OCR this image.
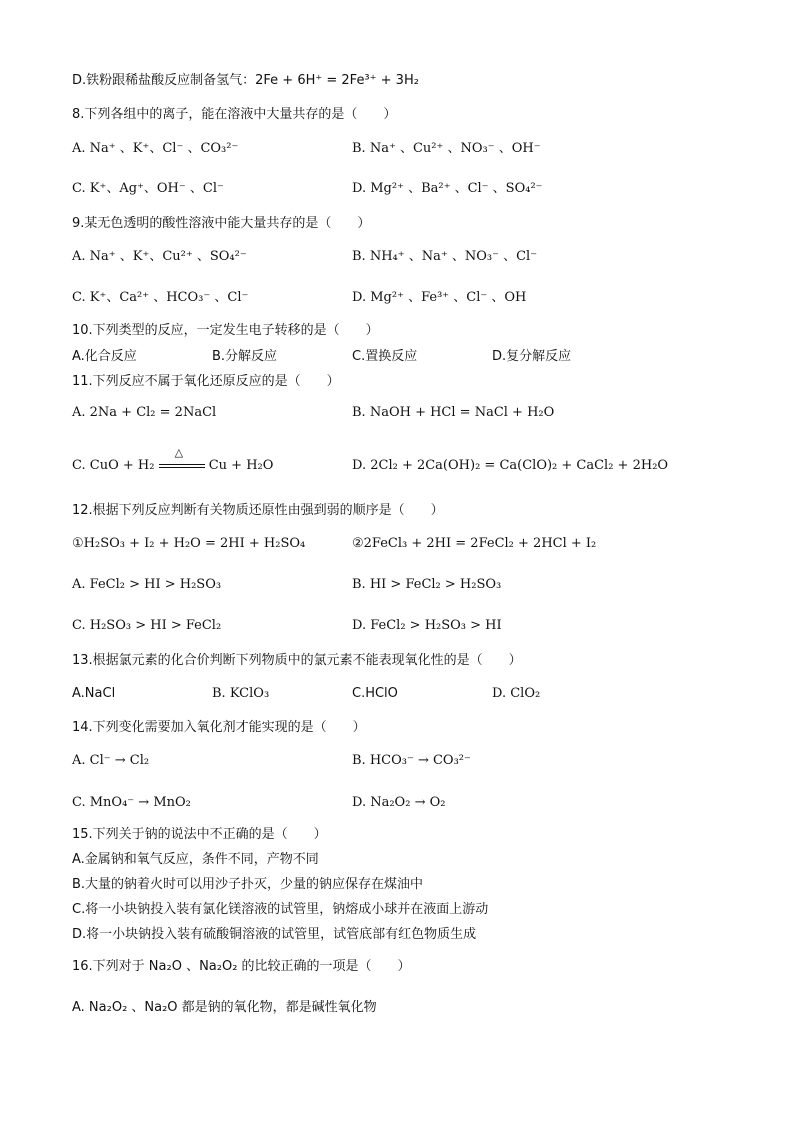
D.铁粉跟稀盐酸反应制备氢气：2Fe + 6H⁺ = 2Fe³⁺ + 3H₂
8.下列各组中的离子，能在溶液中大量共存的是（　　）
A. Na⁺ 、K⁺、Cl⁻ 、CO₃²⁻	B. Na⁺ 、Cu²⁺ 、NO₃⁻ 、OH⁻
C. K⁺、Ag⁺、OH⁻ 、Cl⁻	D. Mg²⁺ 、Ba²⁺ 、Cl⁻ 、SO₄²⁻
9.某无色透明的酸性溶液中能大量共存的是（　　）
A. Na⁺ 、K⁺、Cu²⁺ 、SO₄²⁻	B. NH₄⁺ 、Na⁺ 、NO₃⁻ 、Cl⁻
C. K⁺、Ca²⁺ 、HCO₃⁻ 、Cl⁻	D. Mg²⁺ 、Fe³⁺ 、Cl⁻ 、OH
10.下列类型的反应，一定发生电子转移的是（　　）
A.化合反应	B.分解反应	C.置换反应	D.复分解反应
11.下列反应不属于氧化还原反应的是（　　）
A. 2Na + Cl₂ = 2NaCl	B. NaOH + HCl = NaCl + H₂O
C. CuO + H₂
△
Cu + H₂O	D. 2Cl₂ + 2Ca(OH)₂ = Ca(ClO)₂ + CaCl₂ + 2H₂O
12.根据下列反应判断有关物质还原性由强到弱的顺序是（　　）
①H₂SO₃ + I₂ + H₂O = 2HI + H₂SO₄	②2FeCl₃ + 2HI = 2FeCl₂ + 2HCl + I₂
A. FeCl₂ > HI > H₂SO₃	B. HI > FeCl₂ > H₂SO₃
C. H₂SO₃ > HI > FeCl₂	D. FeCl₂ > H₂SO₃ > HI
13.根据氯元素的化合价判断下列物质中的氯元素不能表现氧化性的是（　　）
A.NaCl	B. KClO₃	C.HClO	D. ClO₂
14.下列变化需要加入氧化剂才能实现的是（　　）
A. Cl⁻ → Cl₂	B. HCO₃⁻ → CO₃²⁻
C. MnO₄⁻ → MnO₂	D. Na₂O₂ → O₂
15.下列关于钠的说法中不正确的是（　　）
A.金属钠和氧气反应，条件不同，产物不同
B.大量的钠着火时可以用沙子扑灭，少量的钠应保存在煤油中
C.将一小块钠投入装有氯化镁溶液的试管里，钠熔成小球并在液面上游动
D.将一小块钠投入装有硫酸铜溶液的试管里，试管底部有红色物质生成
16.下列对于 Na₂O 、Na₂O₂ 的比较正确的一项是（　　）
A. Na₂O₂ 、Na₂O 都是钠的氧化物，都是碱性氧化物
